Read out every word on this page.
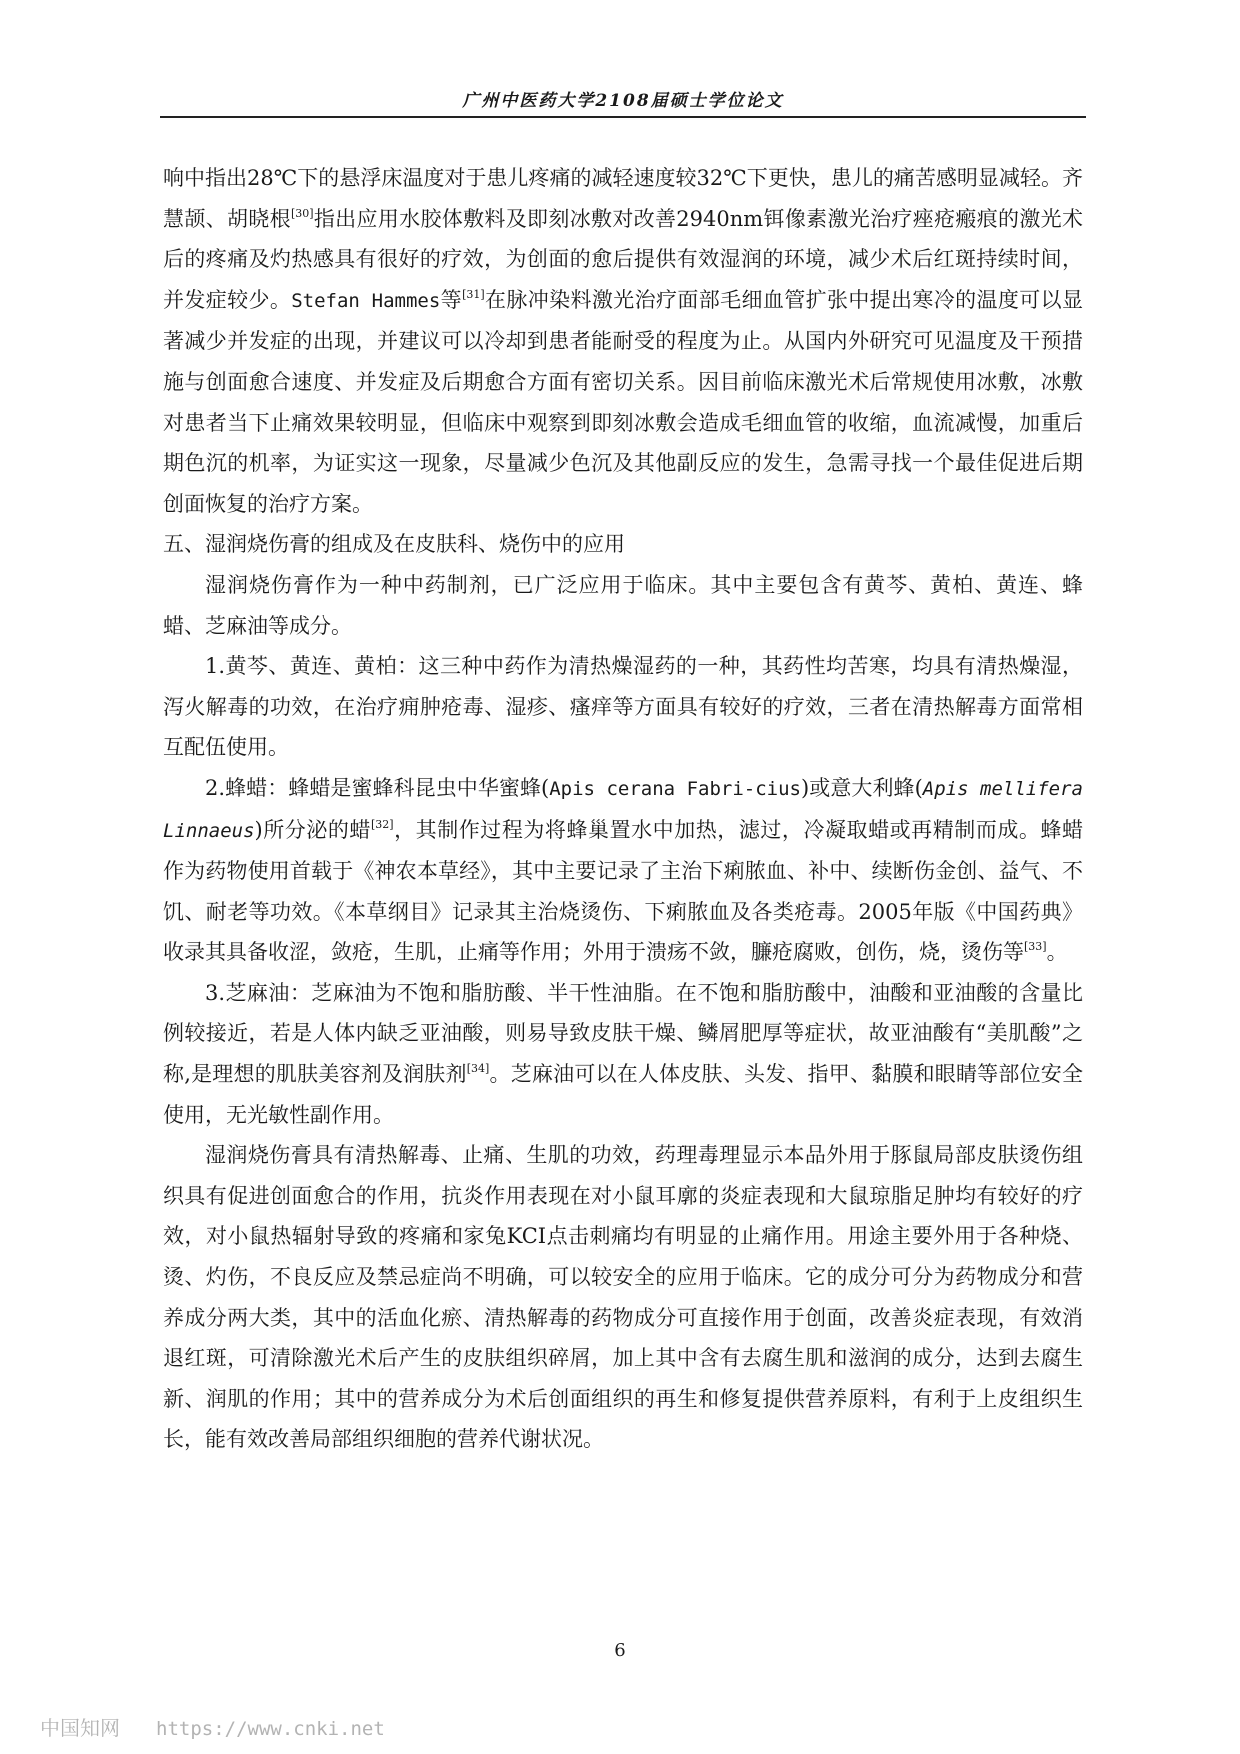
广州中医药大学2108届硕士学位论文

响中指出28℃下的悬浮床温度对于患儿疼痛的减轻速度较32℃下更快，患儿的痛苦感明显减轻。齐慧颉、胡晓根[30]指出应用水胶体敷料及即刻冰敷对改善2940nm铒像素激光治疗痤疮瘢痕的激光术后的疼痛及灼热感具有很好的疗效，为创面的愈后提供有效湿润的环境，减少术后红斑持续时间，并发症较少。Stefan Hammes等[31]在脉冲染料激光治疗面部毛细血管扩张中提出寒冷的温度可以显著减少并发症的出现，并建议可以冷却到患者能耐受的程度为止。从国内外研究可见温度及干预措施与创面愈合速度、并发症及后期愈合方面有密切关系。因目前临床激光术后常规使用冰敷，冰敷对患者当下止痛效果较明显，但临床中观察到即刻冰敷会造成毛细血管的收缩，血流减慢，加重后期色沉的机率，为证实这一现象，尽量减少色沉及其他副反应的发生，急需寻找一个最佳促进后期创面恢复的治疗方案。

五、湿润烧伤膏的组成及在皮肤科、烧伤中的应用

湿润烧伤膏作为一种中药制剂，已广泛应用于临床。其中主要包含有黄芩、黄柏、黄连、蜂蜡、芝麻油等成分。

1.黄芩、黄连、黄柏：这三种中药作为清热燥湿药的一种，其药性均苦寒，均具有清热燥湿，泻火解毒的功效，在治疗痈肿疮毒、湿疹、瘙痒等方面具有较好的疗效，三者在清热解毒方面常相互配伍使用。

2.蜂蜡：蜂蜡是蜜蜂科昆虫中华蜜蜂(Apis cerana Fabri-cius)或意大利蜂(Apis mellifera Linnaeus)所分泌的蜡[32]，其制作过程为将蜂巢置水中加热，滤过，冷凝取蜡或再精制而成。蜂蜡作为药物使用首载于《神农本草经》，其中主要记录了主治下痢脓血、补中、续断伤金创、益气、不饥、耐老等功效。《本草纲目》记录其主治烧烫伤、下痢脓血及各类疮毒。2005年版《中国药典》收录其具备收涩，敛疮，生肌，止痛等作用；外用于溃疡不敛，臁疮腐败，创伤，烧，烫伤等[33]。

3.芝麻油：芝麻油为不饱和脂肪酸、半干性油脂。在不饱和脂肪酸中，油酸和亚油酸的含量比例较接近，若是人体内缺乏亚油酸，则易导致皮肤干燥、鳞屑肥厚等症状，故亚油酸有“美肌酸”之称,是理想的肌肤美容剂及润肤剂[34]。芝麻油可以在人体皮肤、头发、指甲、黏膜和眼睛等部位安全使用，无光敏性副作用。

湿润烧伤膏具有清热解毒、止痛、生肌的功效，药理毒理显示本品外用于豚鼠局部皮肤烫伤组织具有促进创面愈合的作用，抗炎作用表现在对小鼠耳廓的炎症表现和大鼠琼脂足肿均有较好的疗效，对小鼠热辐射导致的疼痛和家兔KCI点击刺痛均有明显的止痛作用。用途主要外用于各种烧、烫、灼伤，不良反应及禁忌症尚不明确，可以较安全的应用于临床。它的成分可分为药物成分和营养成分两大类，其中的活血化瘀、清热解毒的药物成分可直接作用于创面，改善炎症表现，有效消退红斑，可清除激光术后产生的皮肤组织碎屑，加上其中含有去腐生肌和滋润的成分，达到去腐生新、润肌的作用；其中的营养成分为术后创面组织的再生和修复提供营养原料，有利于上皮组织生长，能有效改善局部组织细胞的营养代谢状况。

6
中国知网 https://www.cnki.net
